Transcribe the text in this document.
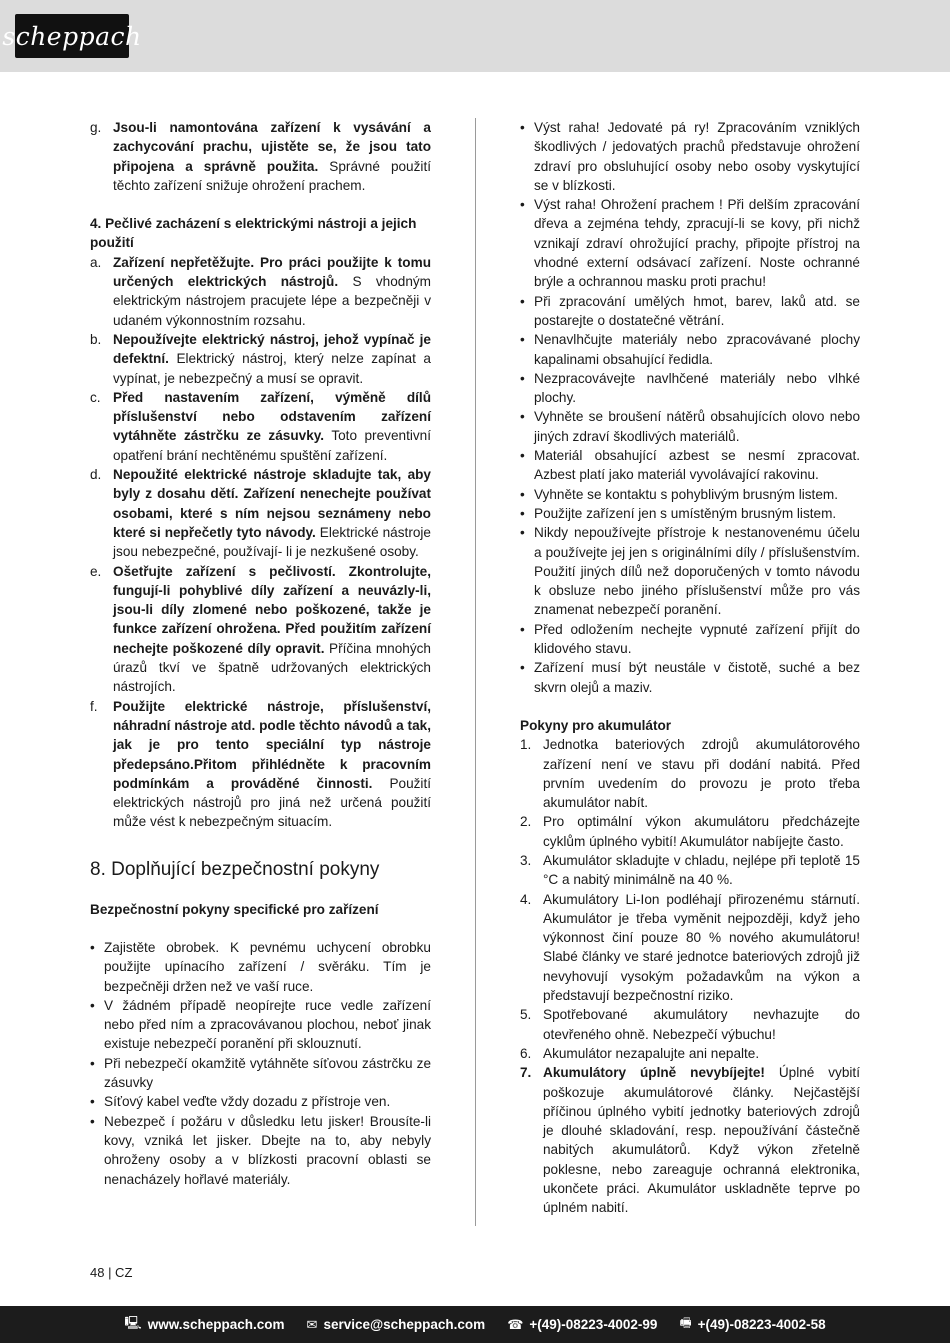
scheppach
g. Jsou-li namontována zařízení k vysávání a zachycování prachu, ujistěte se, že jsou tato připojena a správně použita. Správné použití těchto zařízení snižuje ohrožení prachem.
4. Pečlivé zacházení s elektrickými nástroji a jejich použití
a. Zařízení nepřetěžujte. Pro práci použijte k tomu určených elektrických nástrojů. S vhodným elektrickým nástrojem pracujete lépe a bezpečněji v udaném výkonnostním rozsahu.
b. Nepoužívejte elektrický nástroj, jehož vypínač je defektní. Elektrický nástroj, který nelze zapínat a vypínat, je nebezpečný a musí se opravit.
c. Před nastavením zařízení, výměně dílů příslušenství nebo odstavením zařízení vytáhněte zástrčku ze zásuvky. Toto preventivní opatření brání nechtěnému spuštění zařízení.
d. Nepoužité elektrické nástroje skladujte tak, aby byly z dosahu dětí. Zařízení nenechejte používat osobami, které s ním nejsou seznámeny nebo které si nepřečetly tyto návody. Elektrické nástroje jsou nebezpečné, používají- li je nezkušené osoby.
e. Ošetřujte zařízení s pečlivostí. Zkontrolujte, fungují-li pohyblivé díly zařízení a neuvázly-li, jsou-li díly zlomené nebo poškozené, takže je funkce zařízení ohrožena. Před použitím zařízení nechejte poškozené díly opravit. Příčina mnohých úrazů tkví ve špatně udržovaných elektrických nástrojích.
f.	Použijte elektrické nástroje, příslušenství, náhradní nástroje atd. podle těchto návodů a tak, jak je pro tento speciální typ nástroje předepsáno.Přitom přihlédněte k pracovním podmínkám a prováděné činnosti. Použití elektrických nástrojů pro jiná než určená použití může vést k nebezpečným situacím.
8. Doplňující bezpečnostní pokyny
Bezpečnostní pokyny specifické pro zařízení
• Zajistěte obrobek. K pevnému uchycení obrobku použijte upínacího zařízení / svěráku. Tím je bezpečněji držen než ve vaší ruce.
• V žádném případě neopírejte ruce vedle zařízení nebo před ním a zpracovávanou plochou, neboť jinak existuje nebezpečí poranění při sklouznutí.
• Při nebezpečí okamžitě vytáhněte síťovou zástrčku ze zásuvky
• Síťový kabel veďte vždy dozadu z přístroje ven.
• Nebezpeč í požáru v důsledku letu jisker! Brousíte-li kovy, vzniká let jisker. Dbejte na to, aby nebyly ohroženy osoby a v blízkosti pracovní oblasti se nenacházely hořlavé materiály.
• Výst raha! Jedovaté pá ry! Zpracováním vzniklých škodlivých / jedovatých prachů představuje ohrožení zdraví pro obsluhující osoby nebo osoby vyskytující se v blízkosti.
• Výst raha! Ohrožení prachem ! Při delším zpracování dřeva a zejména tehdy, zpracují-li se kovy, při nichž vznikají zdraví ohrožující prachy, připojte přístroj na vhodné externí odsávací zařízení. Noste ochranné brýle a ochrannou masku proti prachu!
• Při zpracování umělých hmot, barev, laků atd. se postarejte o dostatečné větrání.
• Nenavlhčujte materiály nebo zpracovávané plochy kapalinami obsahující ředidla.
• Nezpracovávejte navlhčené materiály nebo vlhké plochy.
• Vyhněte se broušení nátěrů obsahujících olovo nebo jiných zdraví škodlivých materiálů.
• Materiál obsahující azbest se nesmí zpracovat. Azbest platí jako materiál vyvolávající rakovinu.
• Vyhněte se kontaktu s pohyblivým brusným listem.
• Použijte zařízení jen s umístěným brusným listem.
• Nikdy nepoužívejte přístroje k nestanovenému účelu a používejte jej jen s originálními díly / příslušenstvím. Použití jiných dílů než doporučených v tomto návodu k obsluze nebo jiného příslušenství může pro vás znamenat nebezpečí poranění.
• Před odložením nechejte vypnuté zařízení přijít do klidového stavu.
• Zařízení musí být neustále v čistotě, suché a bez skvrn olejů a maziv.
Pokyny pro akumulátor
1. Jednotka bateriových zdrojů akumulátorového zařízení není ve stavu při dodání nabitá. Před prvním uvedením do provozu je proto třeba akumulátor nabít.
2. Pro optimální výkon akumulátoru předcházejte cyklům úplného vybití! Akumulátor nabíjejte často.
3. Akumulátor skladujte v chladu, nejlépe při teplotě 15 °C a nabitý minimálně na 40 %.
4. Akumulátory Li-Ion podléhají přirozenému stárnutí. Akumulátor je třeba vyměnit nejpozději, když jeho výkonnost činí pouze 80 % nového akumulátoru! Slabé články ve staré jednotce bateriových zdrojů již nevyhovují vysokým požadavkům na výkon a představují bezpečnostní riziko.
5. Spotřebované akumulátory nevhazujte do otevřeného ohně. Nebezpečí výbuchu!
6. Akumulátor nezapalujte ani nepalte.
7. Akumulátory úplně nevybíjejte! Úplné vybití poškozuje akumulátorové články. Nejčastější příčinou úplného vybití jednotky bateriových zdrojů je dlouhé skladování, resp. nepoužívání částečně nabitých akumulátorů. Když výkon zřetelně poklesne, nebo zareaguje ochranná elektronika, ukončete práci. Akumulátor uskladněte teprve po úplném nabití.
48 | CZ
🖳 www.scheppach.com ✉ service@scheppach.com ☎ +(49)-08223-4002-99 🖷 +(49)-08223-4002-58
